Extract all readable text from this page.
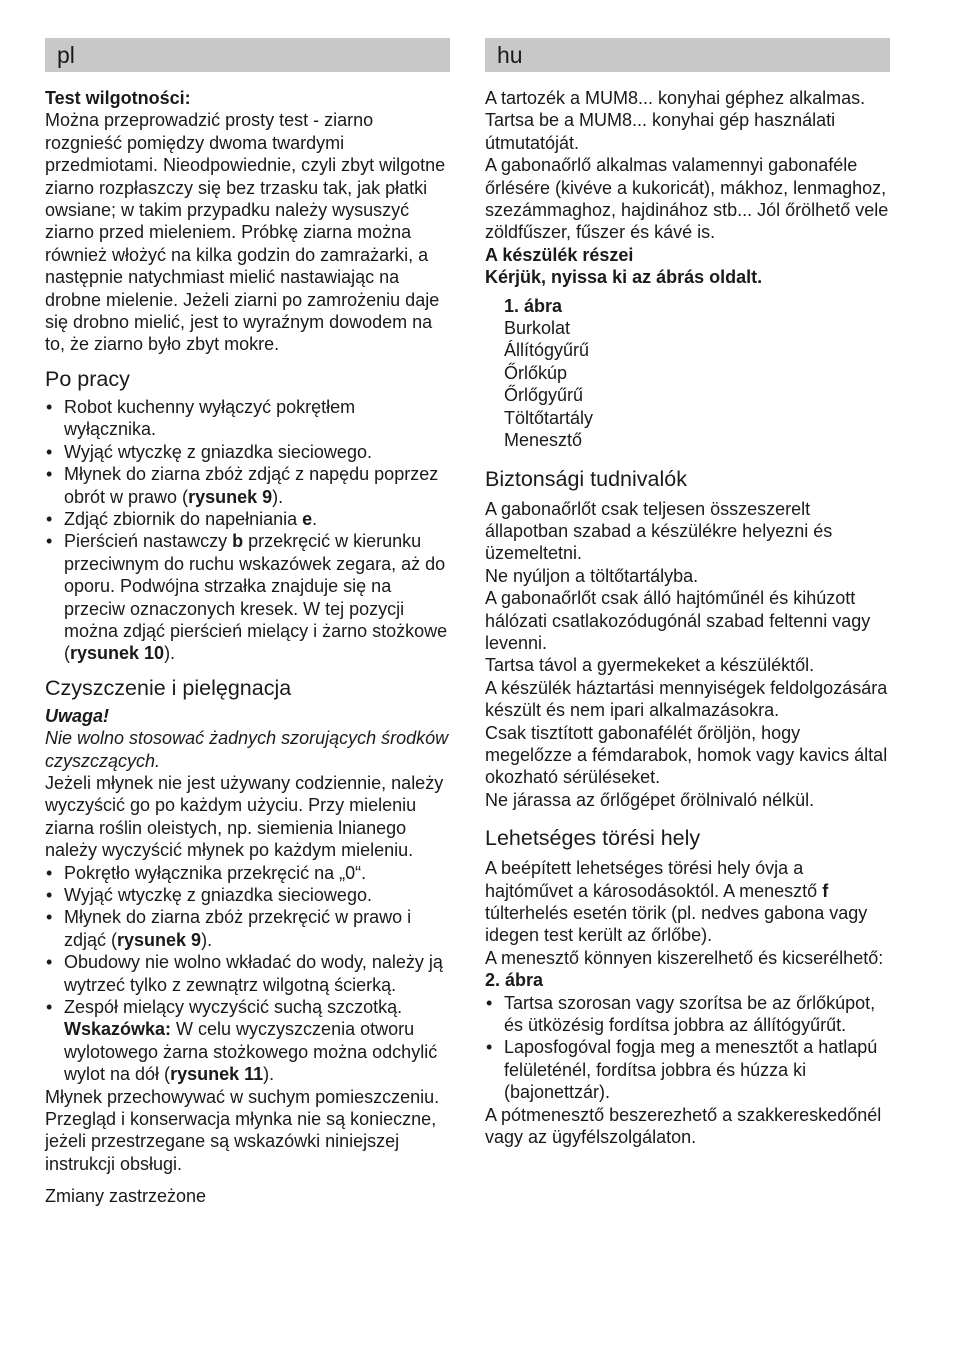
pl
Test wilgotności:

Można przeprowadzić prosty test - ziarno rozgnieść pomiędzy dwoma twardymi przedmiotami. Nieodpowiednie, czyli zbyt wilgotne ziarno rozpłaszczy się bez trzasku tak, jak płatki owsiane; w takim przypadku należy wysuszyć ziarno przed mieleniem. Próbkę ziarna można również włożyć na kilka godzin do zamrażarki, a następnie natychmiast mielić nastawiając na drobne mielenie. Jeżeli ziarni po zamrożeniu daje się drobno mielić, jest to wyraźnym dowodem na to, że ziarno było zbyt mokre.

Po pracy
• Robot kuchenny wyłączyć pokrętłem wyłącznika.
• Wyjąć wtyczkę z gniazdka sieciowego.
• Młynek do ziarna zbóż zdjąć z napędu poprzez obrót w prawo (rysunek 9).
• Zdjąć zbiornik do napełniania e.
• Pierścień nastawczy b przekręcić w kierunku przeciwnym do ruchu wskazówek zegara, aż do oporu. Podwójna strzałka znajduje się na przeciw oznaczonych kresek. W tej pozycji można zdjąć pierścień mielący i żarno stożkowe (rysunek 10).
Czyszczenie i pielęgnacja

Uwaga!

Nie wolno stosować żadnych szorujących środków czyszczących.

Jeżeli młynek nie jest używany codziennie, należy wyczyścić go po każdym użyciu. Przy mieleniu ziarna roślin oleistych, np. siemienia lnianego należy wyczyścić młynek po każdym mieleniu.

• Pokrętło wyłącznika przekręcić na „0“.
• Wyjąć wtyczkę z gniazdka sieciowego.
• Młynek do ziarna zbóż przekręcić w prawo i zdjąć (rysunek 9).
• Obudowy nie wolno wkładać do wody, należy ją wytrzeć tylko z zewnątrz wilgotną ścierką.
• Zespół mielący wyczyścić suchą szczotką. Wskazówka: W celu wyczyszczenia otworu wylotowego żarna stożkowego można odchylić wylot na dół (rysunek 11).

Młynek przechowywać w suchym pomieszczeniu. Przegląd i konserwacja młynka nie są konieczne, jeżeli przestrzegane są wskazówki niniejszej instrukcji obsługi.

Zmiany zastrzeżone

hu

A tartozék a MUM8... konyhai géphez alkalmas.

Tartsa be a MUM8... konyhai gép használati útmutatóját.

A gabonaőrlő alkalmas valamennyi gabonaféle őrlésére (kivéve a kukoricát), mákhoz, lenmaghoz, szezámmaghoz, hajdinához stb... Jól őrölhető vele zöldfűszer, fűszer és kávé is.

A készülék részei
Kérjük, nyissa ki az ábrás oldalt.
1. ábra
Burkolat
Állítógyűrű
Őrlőkúp
Őrlőgyűrű
Töltőtartály
Menesztő
Biztonsági tudnivalók

A gabonaőrlőt csak teljesen összeszerelt állapotban szabad a készülékre helyezni és üzemeltetni.

Ne nyúljon a töltőtartályba.

A gabonaőrlőt csak álló hajtóműnél és kihúzott hálózati csatlakozódugónál szabad feltenni vagy levenni.

Tartsa távol a gyermekeket a készüléktől.

A készülék háztartási mennyiségek feldolgozására készült és nem ipari alkalmazásokra.

Csak tisztított gabonafélét őröljön, hogy megelőzze a fémdarabok, homok vagy kavics által okozható sérüléseket.

Ne járassa az őrlőgépet őrölnivaló nélkül.

Lehetséges törési hely

A beépített lehetséges törési hely óvja a hajtóművet a károsodásoktól. A menesztő f túlterhelés esetén törik (pl. nedves gabona vagy idegen test került az őrlőbe).

A menesztő könnyen kiszerelhető és kicserélhető:

2. ábra
• Tartsa szorosan vagy szorítsa be az őrlőkúpot, és ütközésig fordítsa jobbra az állítógyűrűt.
• Laposfogóval fogja meg a menesztőt a hatlapú felületénél, fordítsa jobbra és húzza ki (bajonettzár).

A pótmenesztő beszerezhető a szakkereskedőnél vagy az ügyfélszolgálaton.
